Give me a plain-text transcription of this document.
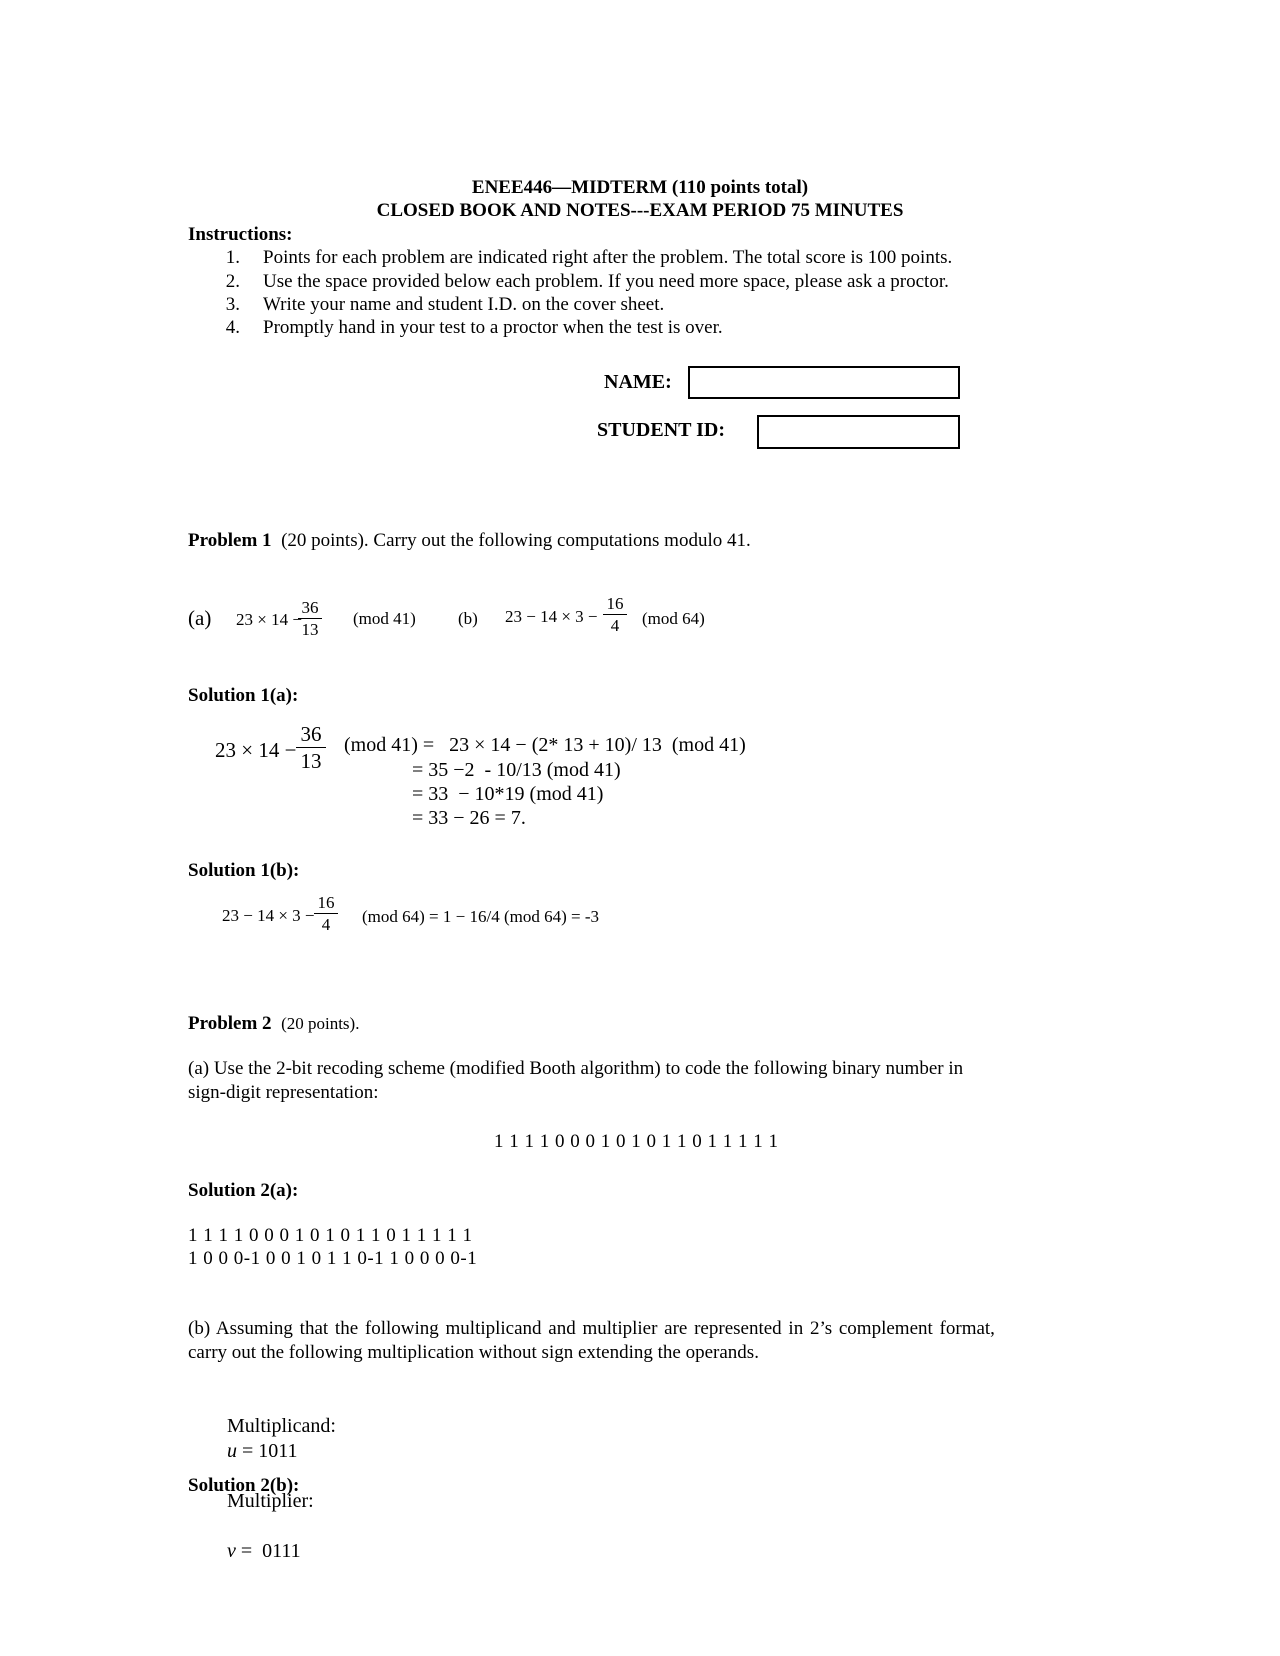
ENEE446—MIDTERM (110 points total)
CLOSED BOOK AND NOTES---EXAM PERIOD 75 MINUTES
Instructions:
1. Points for each problem are indicated right after the problem. The total score is 100 points.
2. Use the space provided below each problem. If you need more space, please ask a proctor.
3. Write your name and student I.D. on the cover sheet.
4. Promptly hand in your test to a proctor when the test is over.
NAME:
STUDENT ID:
Problem 1 (20 points). Carry out the following computations modulo 41.
(a) 23 × 14 −
$\frac{36}{13} (mod$ 41) (b) $23 - 14 \times 3 - \frac{16}{4} (mod$ 64)
Solution 1(a):
$23 \times 14 - \frac{36}{13} (mod$ 41) =   23 × 14 − (2* 13 + 10)/ 13  (mod 41)
= 35 −2  - 10/13 (mod 41)
= 33  − 10*19 (mod 41)
= 33 − 26 = 7.
Solution 1(b):
$23 - 14 \times 3 - \frac{16}{4} (mod$ 64) = 1 − 16/4 (mod 64) = -3
Problem 2 (20 points).
(a) Use the 2-bit recoding scheme (modified Booth algorithm) to code the following binary number in
sign-digit representation:
1 1 1 1 0 0 0 1 0 1 0 1 1 0 1 1 1 1 1
Solution 2(a):
1 1 1 1 0 0 0 1 0 1 0 1 1 0 1 1 1 1 1
1 0 0 0-1 0 0 1 0 1 1 0-1 1 0 0 0 0-1
(b) Assuming that the following multiplicand and multiplier are represented in 2’s complement format,
carry out the following multiplication without sign extending the operands.

Multiplicand:
u = 1011

Multiplier:

v =  0111

Solution 2(b):
